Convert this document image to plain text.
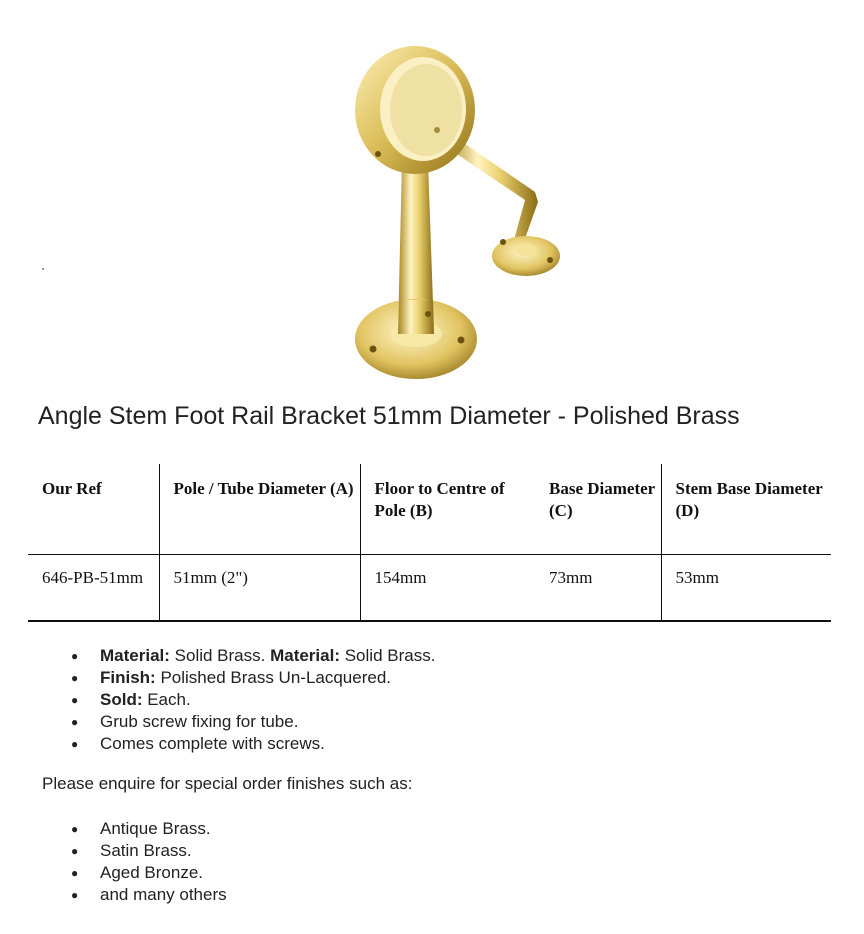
Angle Stem Foot Rail Bracket 51mm Diameter - Polished Brass
Our Ref	Pole / Tube Diameter (A)	Floor to Centre of Pole (B)	Base Diameter (C)	Stem Base Diameter (D)
646-PB-51mm	51mm (2")	154mm	73mm	53mm
● Material: Solid Brass. Material: Solid Brass.
● Finish: Polished Brass Un-Lacquered.
● Sold: Each.
● Grub screw fixing for tube.
● Comes complete with screws.

Please enquire for special order finishes such as:

● Antique Brass.
● Satin Brass.
● Aged Bronze.
● and many others
